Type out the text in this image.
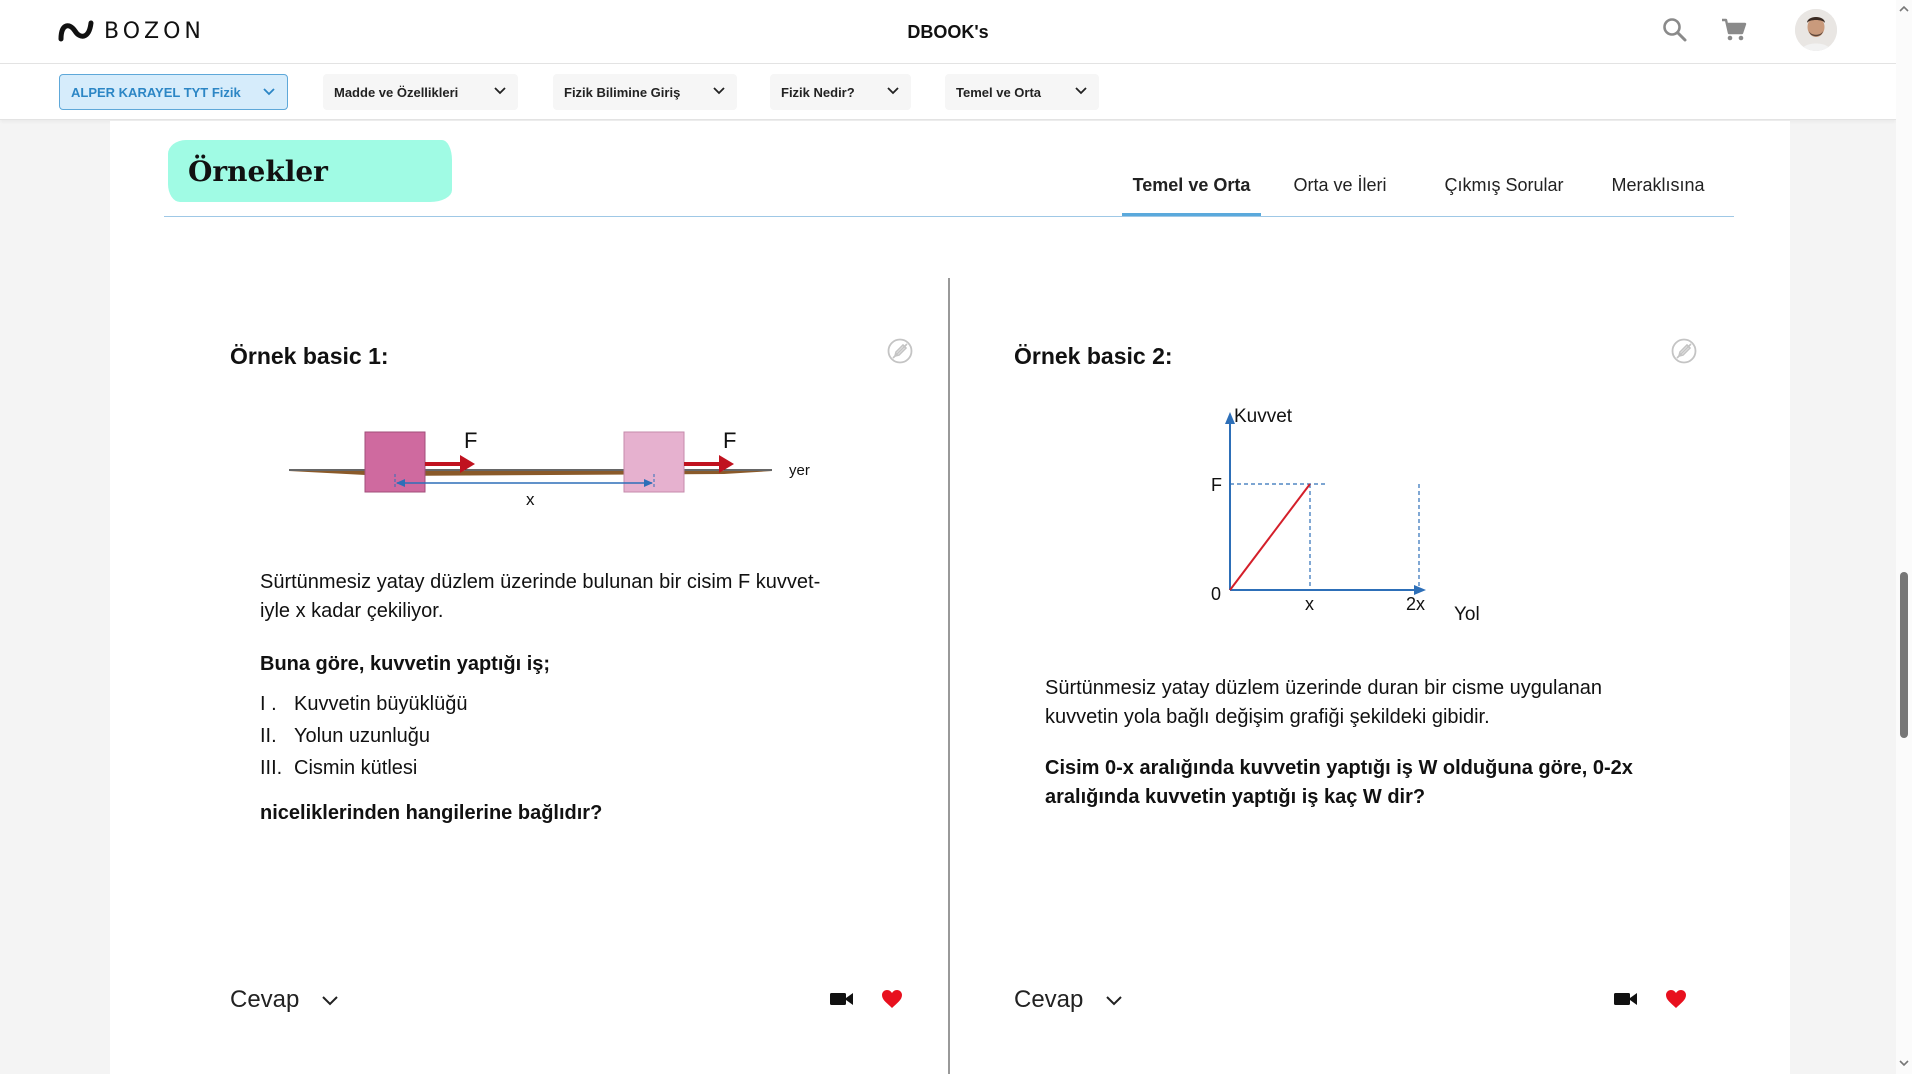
BOZON	DBOOK's
ALPER KARAYEL TYT Fizik	Madde ve Özellikleri	Fizik Bilimine Giriş	Fizik Nedir?	Temel ve Orta
Örnekler	Temel ve Orta	Orta ve İleri	Çıkmış Sorular	Meraklısına
Örnek basic 1:
F	F
yer
x
Sürtünmesiz yatay düzlem üzerinde bulunan bir cisim F kuvvet-
iyle x kadar çekiliyor.
Buna göre, kuvvetin yaptığı iş;
I . Kuvvetin büyüklüğü
II. Yolun uzunluğu
III. Cismin kütlesi
niceliklerinden hangilerine bağlıdır?
Cevap
Örnek basic 2:
Kuvvet
Yol
F
0	x	2x
Sürtünmesiz yatay düzlem üzerinde duran bir cisme uygulanan
kuvvetin yola bağlı değişim grafiği şekildeki gibidir.
Cisim 0-x aralığında kuvvetin yaptığı iş W olduğuna göre, 0-2x
aralığında kuvvetin yaptığı iş kaç W dir?
Cevap
